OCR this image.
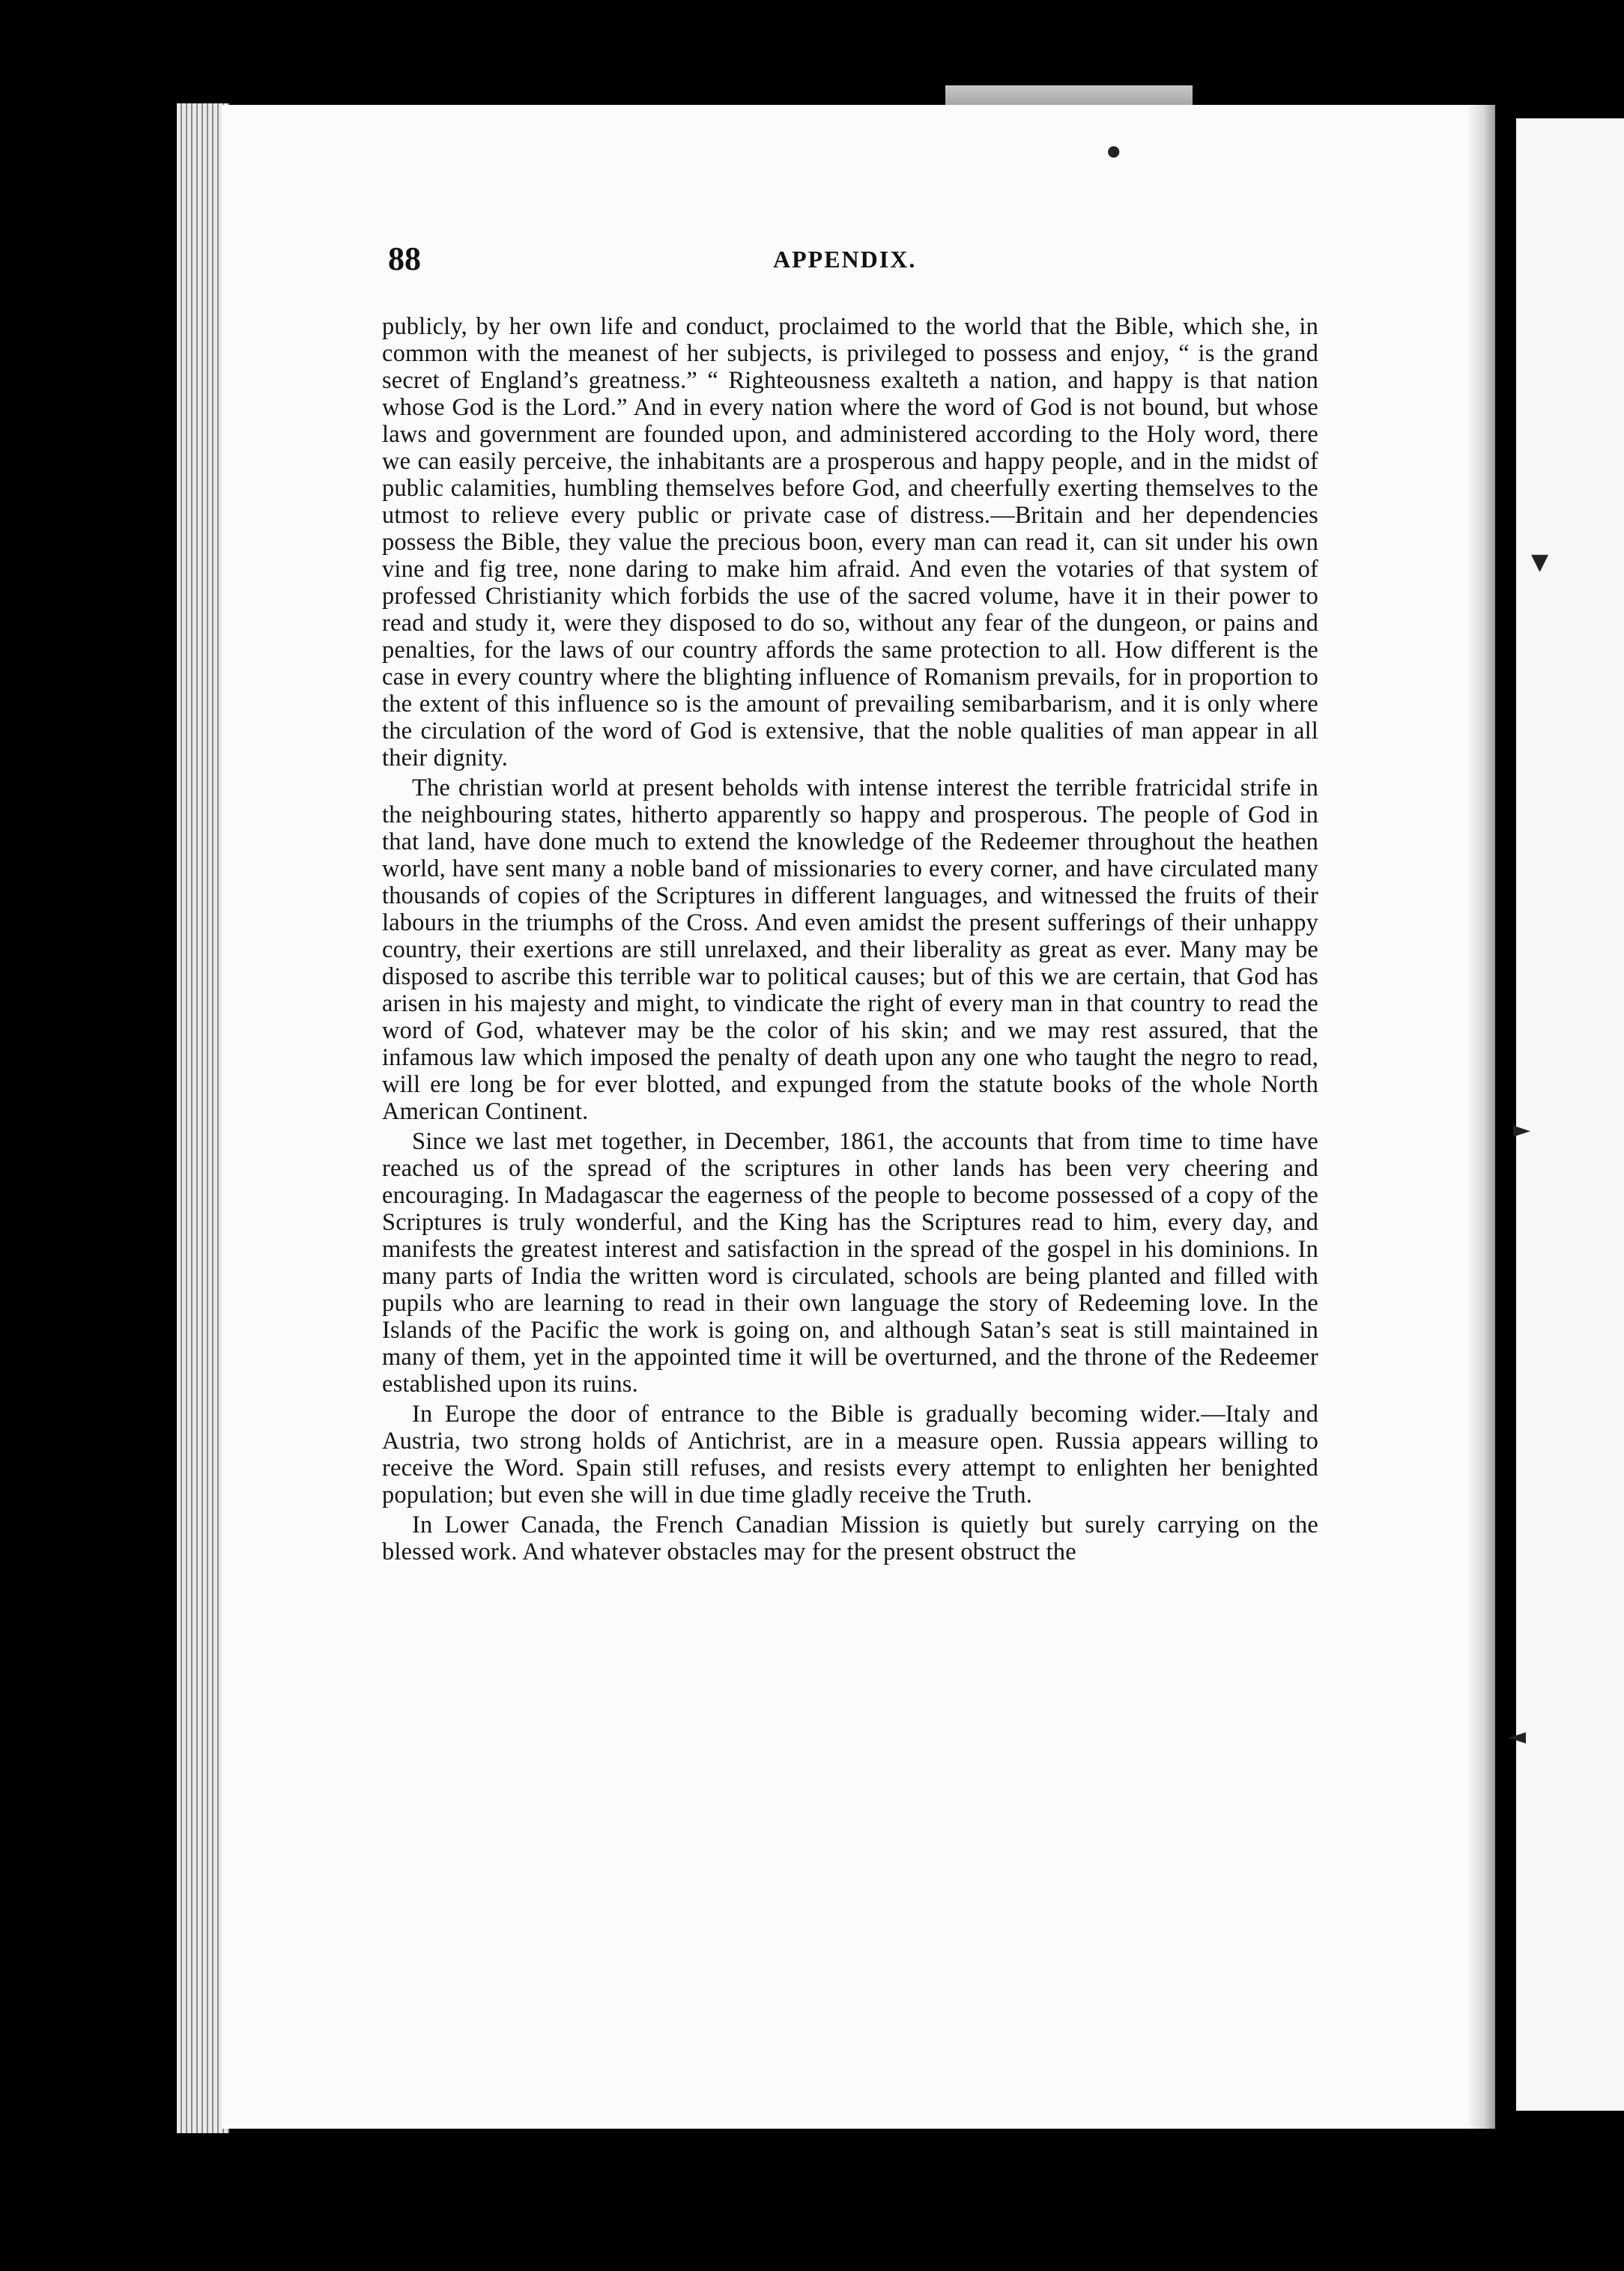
88	APPENDIX.

publicly, by her own life and conduct, proclaimed to the world that the Bible, which she, in common with the meanest of her subjects, is privileged to possess and enjoy, “ is the grand secret of England’s greatness.” “ Righteousness exalteth a nation, and happy is that nation whose God is the Lord.” And in every nation where the word of God is not bound, but whose laws and government are founded upon, and administered according to the Holy word, there we can easily perceive, the inhabitants are a prosperous and happy people, and in the midst of public calamities, humbling themselves before God, and cheerfully exerting themselves to the utmost to relieve every public or private case of distress.—Britain and her dependencies possess the Bible, they value the precious boon, every man can read it, can sit under his own vine and fig tree, none daring to make him afraid. And even the votaries of that system of professed Christianity which forbids the use of the sacred volume, have it in their power to read and study it, were they disposed to do so, without any fear of the dungeon, or pains and penalties, for the laws of our country affords the same protection to all. How different is the case in every country where the blighting influence of Romanism prevails, for in proportion to the extent of this influence so is the amount of prevailing semibarbarism, and it is only where the circulation of the word of God is extensive, that the noble qualities of man appear in all their dignity.

The christian world at present beholds with intense interest the terrible fratricidal strife in the neighbouring states, hitherto apparently so happy and prosperous. The people of God in that land, have done much to extend the knowledge of the Redeemer throughout the heathen world, have sent many a noble band of missionaries to every corner, and have circulated many thousands of copies of the Scriptures in different languages, and witnessed the fruits of their labours in the triumphs of the Cross. And even amidst the present sufferings of their unhappy country, their exertions are still unrelaxed, and their liberality as great as ever. Many may be disposed to ascribe this terrible war to political causes; but of this we are certain, that God has arisen in his majesty and might, to vindicate the right of every man in that country to read the word of God, whatever may be the color of his skin; and we may rest assured, that the infamous law which imposed the penalty of death upon any one who taught the negro to read, will ere long be for ever blotted, and expunged from the statute books of the whole North American Continent.

Since we last met together, in December, 1861, the accounts that from time to time have reached us of the spread of the scriptures in other lands has been very cheering and encouraging. In Madagascar the eagerness of the people to become possessed of a copy of the Scriptures is truly wonderful, and the King has the Scriptures read to him, every day, and manifests the greatest interest and satisfaction in the spread of the gospel in his dominions. In many parts of India the written word is circulated, schools are being planted and filled with pupils who are learning to read in their own language the story of Redeeming love. In the Islands of the Pacific the work is going on, and although Satan’s seat is still maintained in many of them, yet in the appointed time it will be overturned, and the throne of the Redeemer established upon its ruins.

In Europe the door of entrance to the Bible is gradually becoming wider.—Italy and Austria, two strong holds of Antichrist, are in a measure open. Russia appears willing to receive the Word. Spain still refuses, and resists every attempt to enlighten her benighted population; but even she will in due time gladly receive the Truth.

In Lower Canada, the French Canadian Mission is quietly but surely carrying on the blessed work. And whatever obstacles may for the present obstruct the

▼
►
◄
●
